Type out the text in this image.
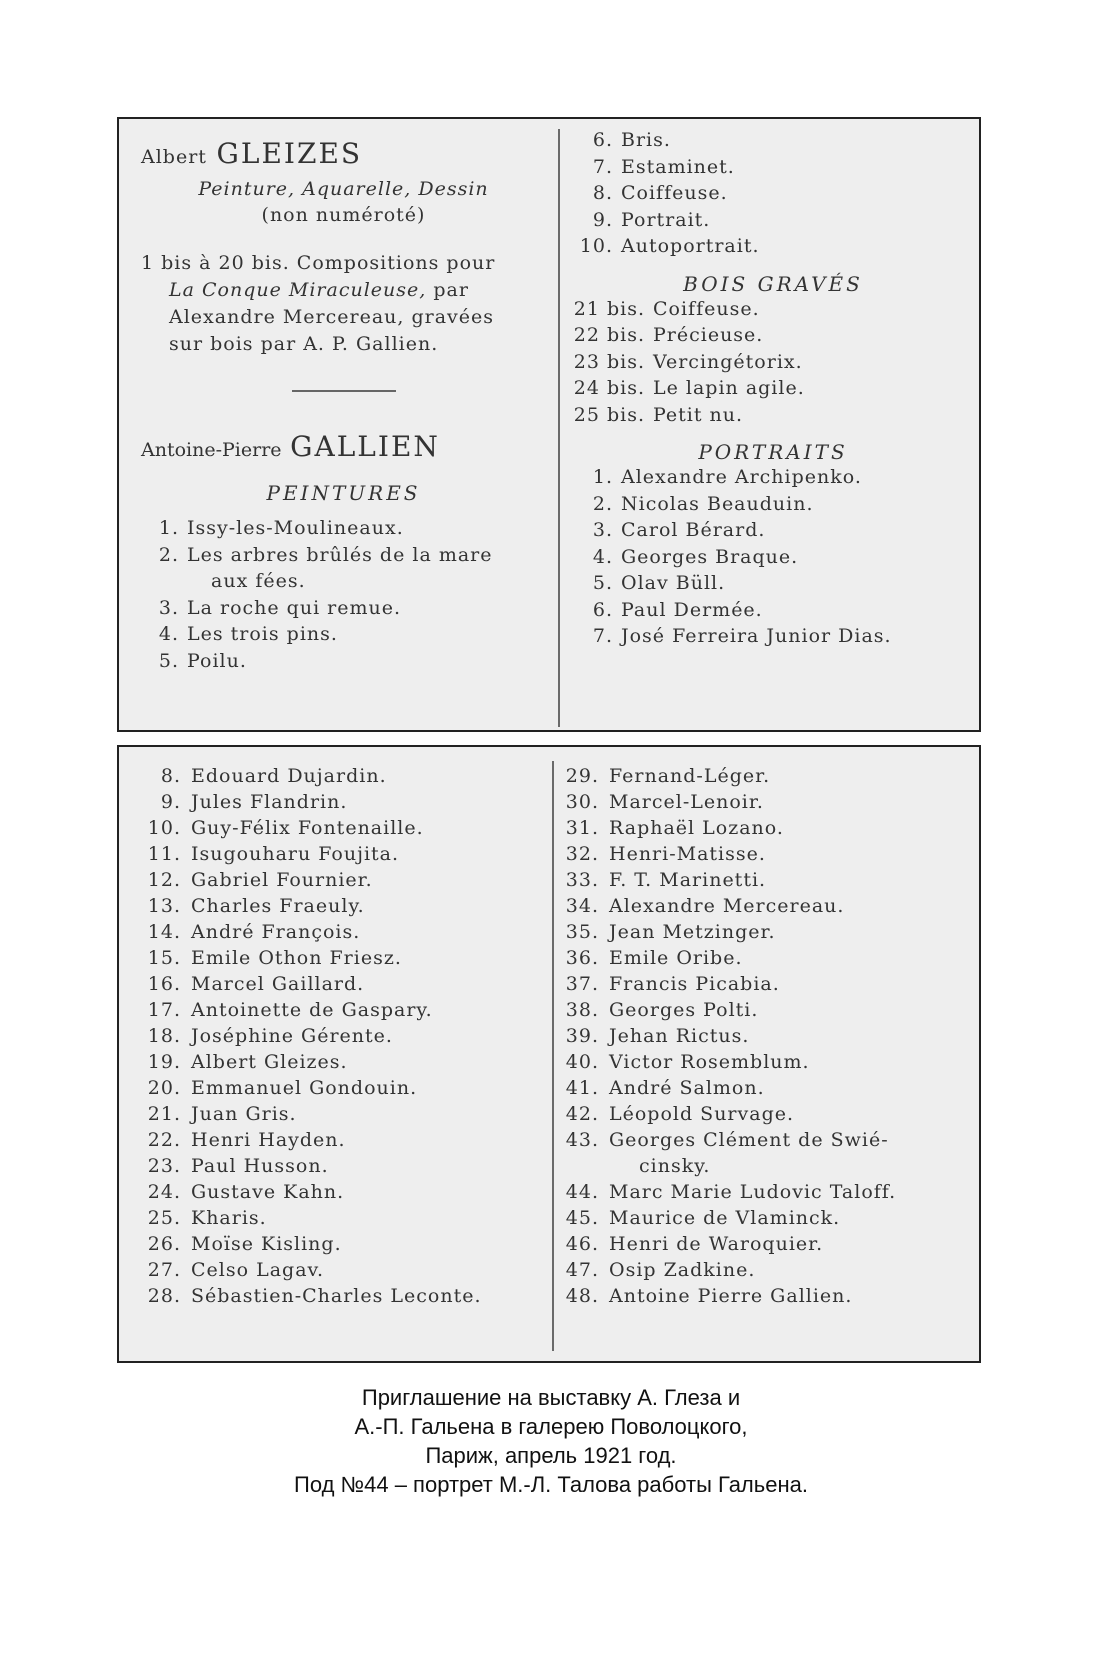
Albert GLEIZES
Peinture, Aquarelle, Dessin
(non numéroté)
1 bis à 20 bis. Compositions pour
La Conque Miraculeuse, par
Alexandre Mercereau, gravées
sur bois par A. P. Gallien.
Antoine-Pierre GALLIEN
PEINTURES
1. Issy-les-Moulineaux.
2. Les arbres brûlés de la mare
aux fées.
3. La roche qui remue.
4. Les trois pins.
5. Poilu.
6. Bris.
7. Estaminet.
8. Coiffeuse.
9. Portrait.
10. Autoportrait.
BOIS GRAVÉS
21 bis. Coiffeuse.
22 bis. Précieuse.
23 bis. Vercingétorix.
24 bis. Le lapin agile.
25 bis. Petit nu.
PORTRAITS
1. Alexandre Archipenko.
2. Nicolas Beauduin.
3. Carol Bérard.
4. Georges Braque.
5. Olav Büll.
6. Paul Dermée.
7. José Ferreira Junior Dias.
8. Edouard Dujardin.
9. Jules Flandrin.
10. Guy-Félix Fontenaille.
11. Isugouharu Foujita.
12. Gabriel Fournier.
13. Charles Fraeuly.
14. André François.
15. Emile Othon Friesz.
16. Marcel Gaillard.
17. Antoinette de Gaspary.
18. Joséphine Gérente.
19. Albert Gleizes.
20. Emmanuel Gondouin.
21. Juan Gris.
22. Henri Hayden.
23. Paul Husson.
24. Gustave Kahn.
25. Kharis.
26. Moïse Kisling.
27. Celso Lagav.
28. Sébastien-Charles Leconte.
29. Fernand-Léger.
30. Marcel-Lenoir.
31. Raphaël Lozano.
32. Henri-Matisse.
33. F. T. Marinetti.
34. Alexandre Mercereau.
35. Jean Metzinger.
36. Emile Oribe.
37. Francis Picabia.
38. Georges Polti.
39. Jehan Rictus.
40. Victor Rosemblum.
41. André Salmon.
42. Léopold Survage.
43. Georges Clément de Swié-
cinsky.
44. Marc Marie Ludovic Taloff.
45. Maurice de Vlaminck.
46. Henri de Waroquier.
47. Osip Zadkine.
48. Antoine Pierre Gallien.
Приглашение на выставку А. Глеза и
А.-П. Гальена в галерею Поволоцкого,
Париж, апрель 1921 год.
Под №44 – портрет М.-Л. Талова работы Гальена.
